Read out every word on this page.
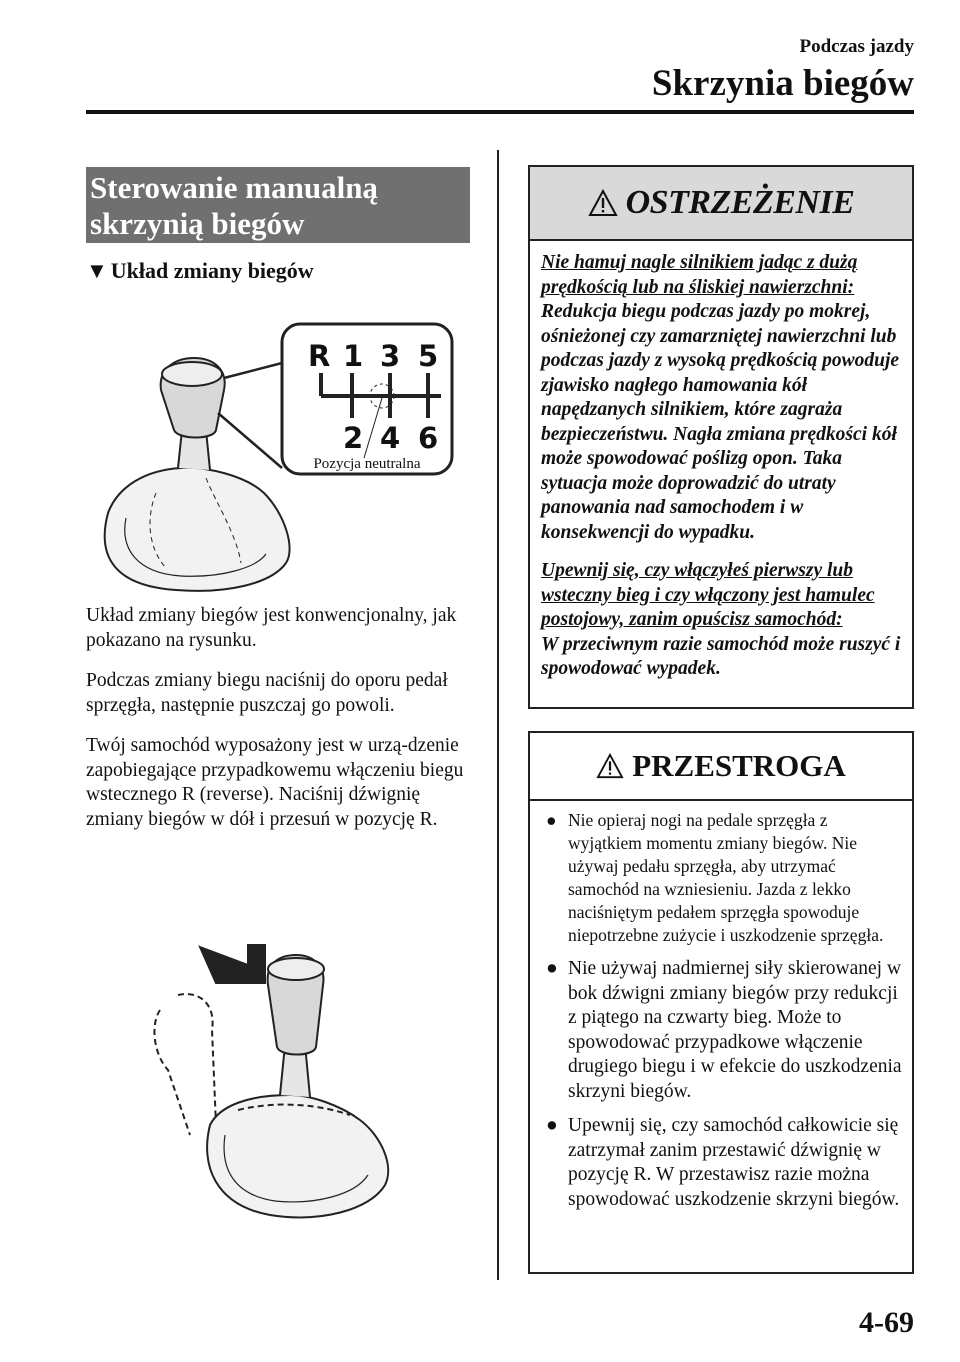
Podczas jazdy
Skrzynia biegów
Sterowanie manualną
skrzynią biegów
▼ Układ zmiany biegów
R 1 3 5
2 4 6
Pozycja neutralna

Układ zmiany biegów jest konwencjonalny, jak pokazano na rysunku.

Podczas zmiany biegu naciśnij do oporu pedał sprzęgła, następnie puszczaj go powoli.

Twój samochód wyposażony jest w urzą-dzenie zapobiegające przypadkowemu włączeniu biegu wstecznego R (reverse). Naciśnij dźwignię zmiany biegów w dół i przesuń w pozycję R.

OSTRZEŻENIE

Nie hamuj nagle silnikiem jadąc z dużą prędkością lub na śliskiej nawierzchni:
Redukcja biegu podczas jazdy po mokrej, ośnieżonej czy zamarzniętej nawierzchni lub podczas jazdy z wysoką prędkością powoduje zjawisko nagłego hamowania kół napędzanych silnikiem, które zagraża bezpieczeństwu. Nagła zmiana prędkości kół może spowodować poślizg opon. Taka sytuacja może doprowadzić do utraty panowania nad samochodem i w konsekwencji do wypadku.

Upewnij się, czy włączyłeś pierwszy lub wsteczny bieg i czy włączony jest hamulec postojowy, zanim opuścisz samochód:
W przeciwnym razie samochód może ruszyć i spowodować wypadek.

PRZESTROGA
● Nie opieraj nogi na pedale sprzęgła z wyjątkiem momentu zmiany biegów. Nie używaj pedału sprzęgła, aby utrzymać samochód na wzniesieniu. Jazda z lekko naciśniętym pedałem sprzęgła spowoduje niepotrzebne zużycie i uszkodzenie sprzęgła.
● Nie używaj nadmiernej siły skierowanej w bok dźwigni zmiany biegów przy redukcji z piątego na czwarty bieg. Może to spowodować przypadkowe włączenie drugiego biegu i w efekcie do uszkodzenia skrzyni biegów.
● Upewnij się, czy samochód całkowicie się zatrzymał zanim przestawić dźwignię w pozycję R. W przestawisz razie można spowodować uszkodzenie skrzyni biegów.
4-69
